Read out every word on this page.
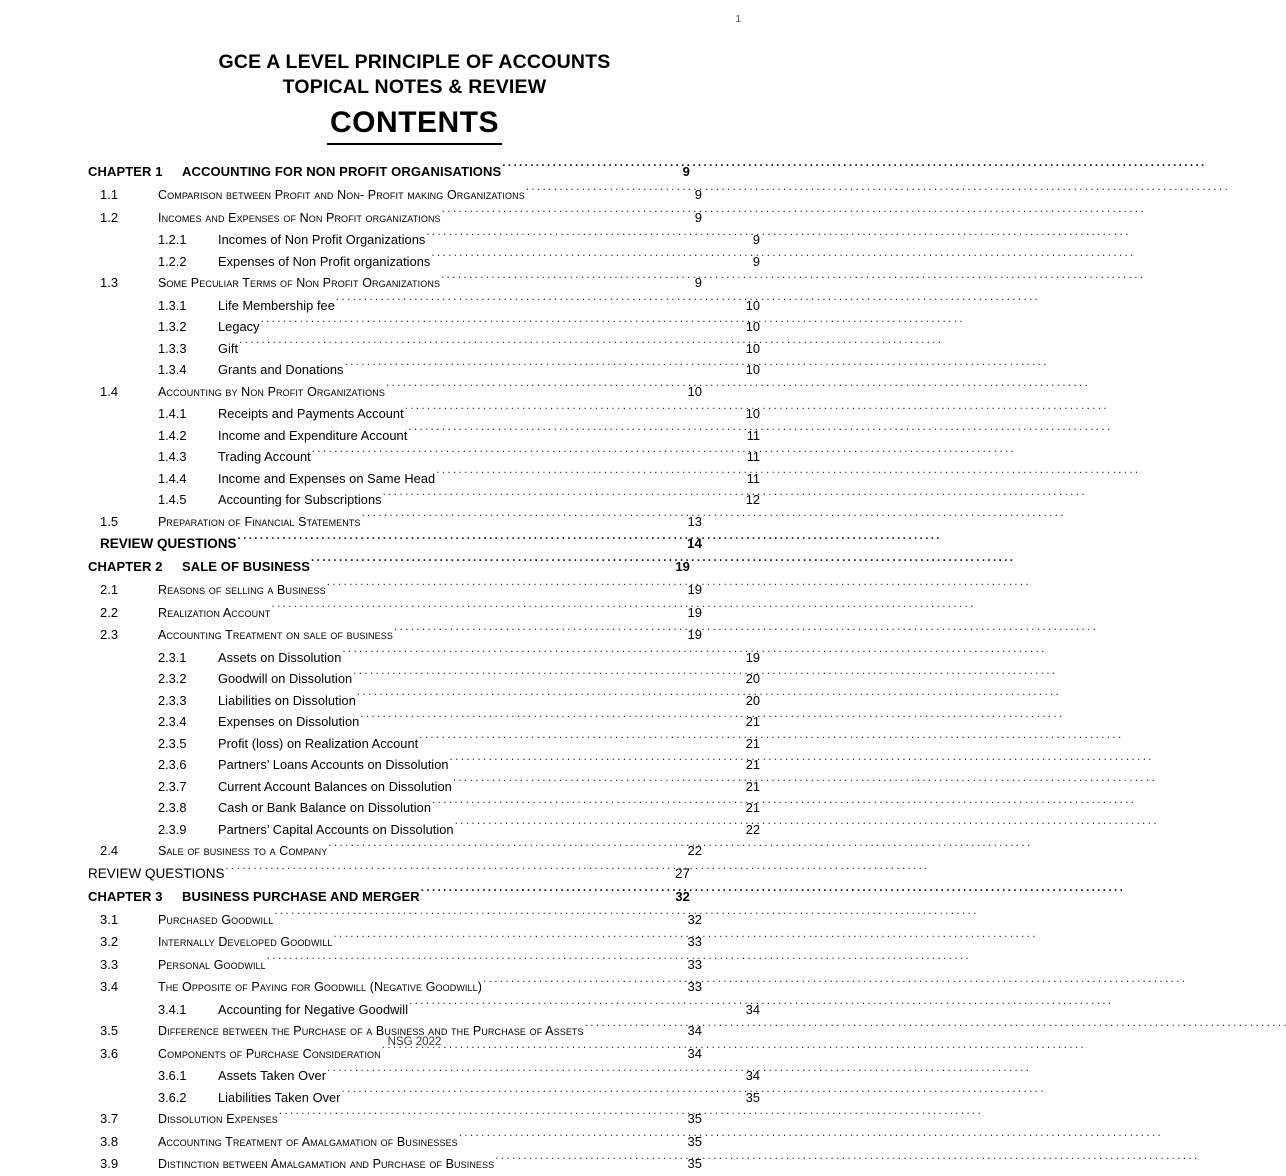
1
GCE A LEVEL PRINCIPLE OF ACCOUNTS
TOPICAL NOTES & REVIEW
CONTENTS
CHAPTER 1	ACCOUNTING FOR NON PROFIT ORGANISATIONS . . .	9
1.1	Comparison between Profit and Non- Profit making Organizations . . .	9
1.2	Incomes and Expenses of Non Profit organizations . . .	9
1.2.1	Incomes of Non Profit Organizations . . .	9
1.2.2	Expenses of Non Profit organizations . . .	9
1.3	Some Peculiar Terms of Non Profit Organizations . . .	9
1.3.1	Life Membership fee . . .	10
1.3.2	Legacy . . .	10
1.3.3	Gift . . .	10
1.3.4	Grants and Donations . . .	10
1.4	Accounting by Non Profit Organizations . . .	10
1.4.1	Receipts and Payments Account . . .	10
1.4.2	Income and Expenditure Account . . .	11
1.4.3	Trading Account . . .	11
1.4.4	Income and Expenses on Same Head . . .	11
1.4.5	Accounting for Subscriptions . . .	12
1.5	Preparation of Financial Statements . . .	13
REVIEW QUESTIONS . . .	14
CHAPTER 2	SALE OF BUSINESS . . .	19
2.1	Reasons of selling a Business . . .	19
2.2	Realization Account . . .	19
2.3	Accounting Treatment on sale of business . . .	19
2.3.1	Assets on Dissolution . . .	19
2.3.2	Goodwill on Dissolution . . .	20
2.3.3	Liabilities on Dissolution . . .	20
2.3.4	Expenses on Dissolution . . .	21
2.3.5	Profit (loss) on Realization Account . . .	21
2.3.6	Partners’ Loans Accounts on Dissolution . . .	21
2.3.7	Current Account Balances on Dissolution . . .	21
2.3.8	Cash or Bank Balance on Dissolution . . .	21
2.3.9	Partners’ Capital Accounts on Dissolution . . .	22
2.4	Sale of business to a Company . . .	22
REVIEW QUESTIONS . . .	27
CHAPTER 3	BUSINESS PURCHASE AND MERGER . . .	32
3.1	Purchased Goodwill . . .	32
3.2	Internally Developed Goodwill . . .	33
3.3	Personal Goodwill . . .	33
3.4	The Opposite of Paying for Goodwill (Negative Goodwill) . . .	33
3.4.1	Accounting for Negative Goodwill . . .	34
3.5	Difference between the Purchase of a Business and the Purchase of Assets . . .	34
3.6	Components of Purchase Consideration . . .	34
3.6.1	Assets Taken Over . . .	34
3.6.2	Liabilities Taken Over . . .	35
3.7	Dissolution Expenses . . .	35
3.8	Accounting Treatment of Amalgamation of Businesses . . .	35
3.9	Distinction between Amalgamation and Purchase of Business . . .	35
NSG 2022
